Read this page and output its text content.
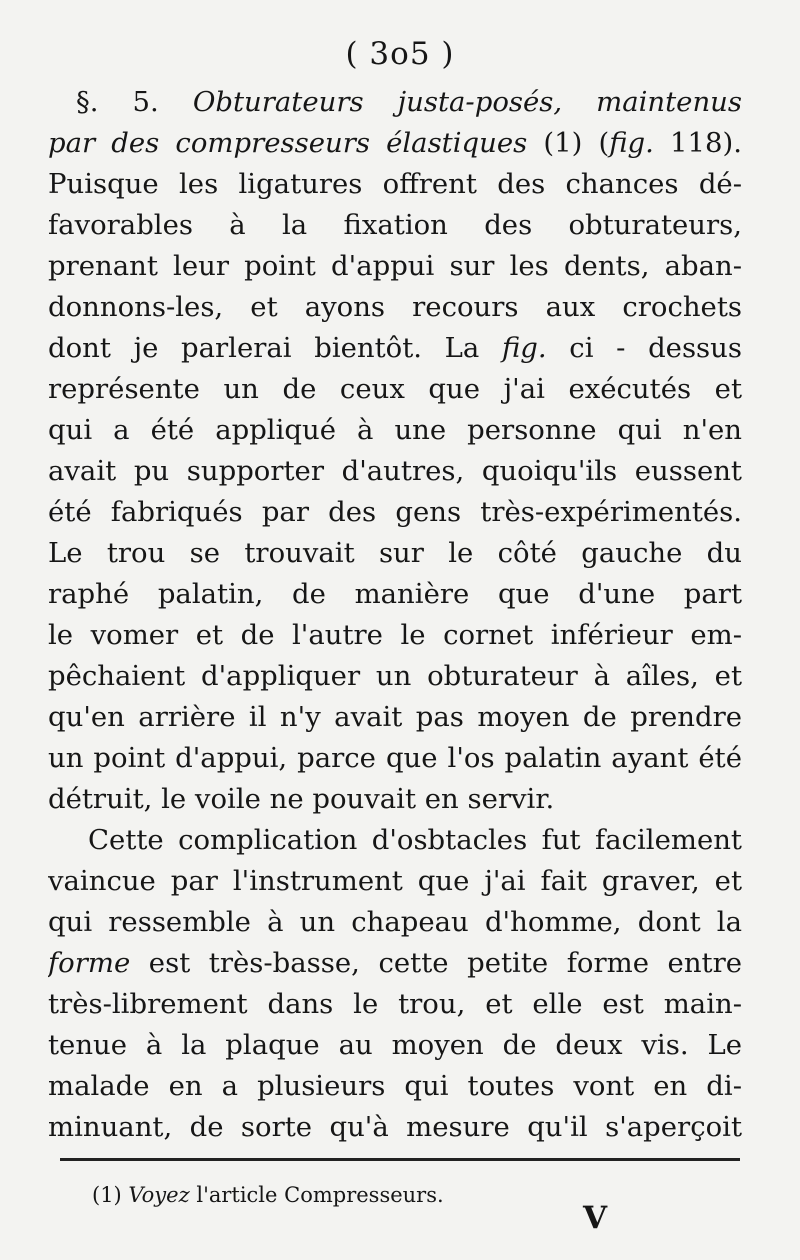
( 3o5 )
§. 5. Obturateurs justa-posés, maintenus
par des compresseurs élastiques (1) (fig. 118).
Puisque les ligatures offrent des chances dé-
favorables à la fixation des obturateurs,
prenant leur point d'appui sur les dents, aban-
donnons-les, et ayons recours aux crochets
dont je parlerai bientôt. La fig. ci - dessus
représente un de ceux que j'ai exécutés et
qui a été appliqué à une personne qui n'en
avait pu supporter d'autres, quoiqu'ils eussent
été fabriqués par des gens très-expérimentés.
Le trou se trouvait sur le côté gauche du
raphé palatin, de manière que d'une part
le vomer et de l'autre le cornet inférieur em-
pêchaient d'appliquer un obturateur à aîles, et
qu'en arrière il n'y avait pas moyen de prendre
un point d'appui, parce que l'os palatin ayant été
détruit, le voile ne pouvait en servir.
Cette complication d'osbtacles fut facilement
vaincue par l'instrument que j'ai fait graver, et
qui ressemble à un chapeau d'homme, dont la
forme est très-basse, cette petite forme entre
très-librement dans le trou, et elle est main-
tenue à la plaque au moyen de deux vis. Le
malade en a plusieurs qui toutes vont en di-
minuant, de sorte qu'à mesure qu'il s'aperçoit
(1) Voyez l'article Compresseurs.
V
